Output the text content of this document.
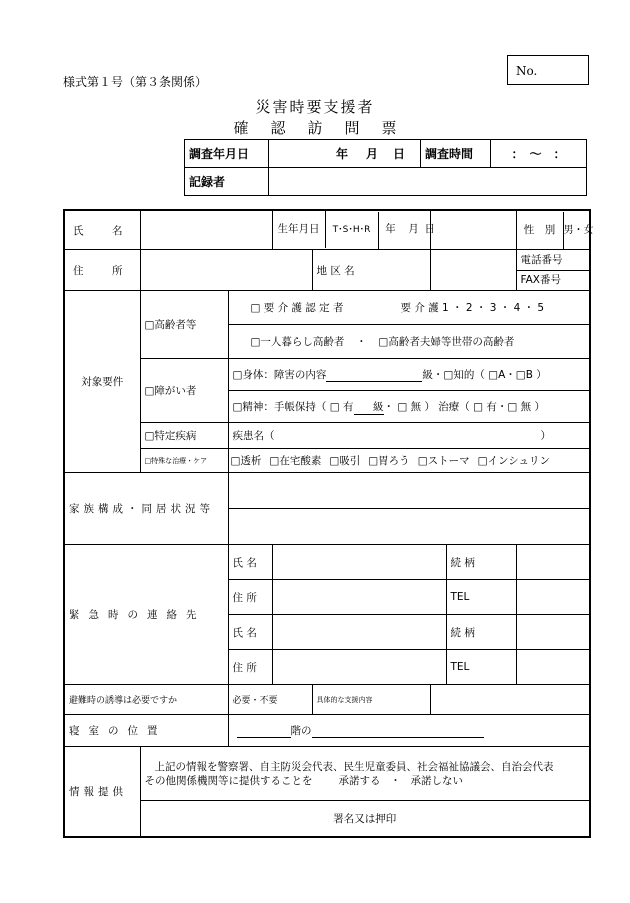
No.
様式第１号（第３条関係）
災害時要支援者
確認訪問票
調査年月日	年 月 日	調査時間	：　〜　：
記録者			
氏　名			生年月日 T･S･H･R 年 月 日				性　別 男・女
住　所				地 区 名			電話番号
FAX番号

対象要件	□高齢者等	□ 要 介 護 認 定 者 要 介 護 1 ・ 2 ・ 3 ・ 4 ・ 5					
		□一人暮らし高齢者 ・ □高齢者夫婦等世帯の高齢者					
	□障がい者	□身体：障害の内容 級・□知的（ □A・□B ）					
		□精神：手帳保持（ □ 有 級・ □ 無 ） 治療（ □ 有・□ 無 ）					
	□特定疾病	疾患名（ ）					
	□特殊な治療・ケア	□透析 □在宅酸素 □吸引 □胃ろう □ストーマ □インシュリン					
家族構成・同居状況等							

緊急時の連絡先		氏 名				続 柄	
		住 所				TEL	
		氏 名				続 柄	
		住 所				TEL	
避難時の誘導は必要ですか		必要・不要		具体的な支援内容			
寝室の位置		階の					
情報提供	上記の情報を警察署、自主防災会代表、民生児童委員、社会福祉協議会、自治会代表
その他関係機関等に提供することを 承諾する ・ 承諾しない						

	署名又は押印						
